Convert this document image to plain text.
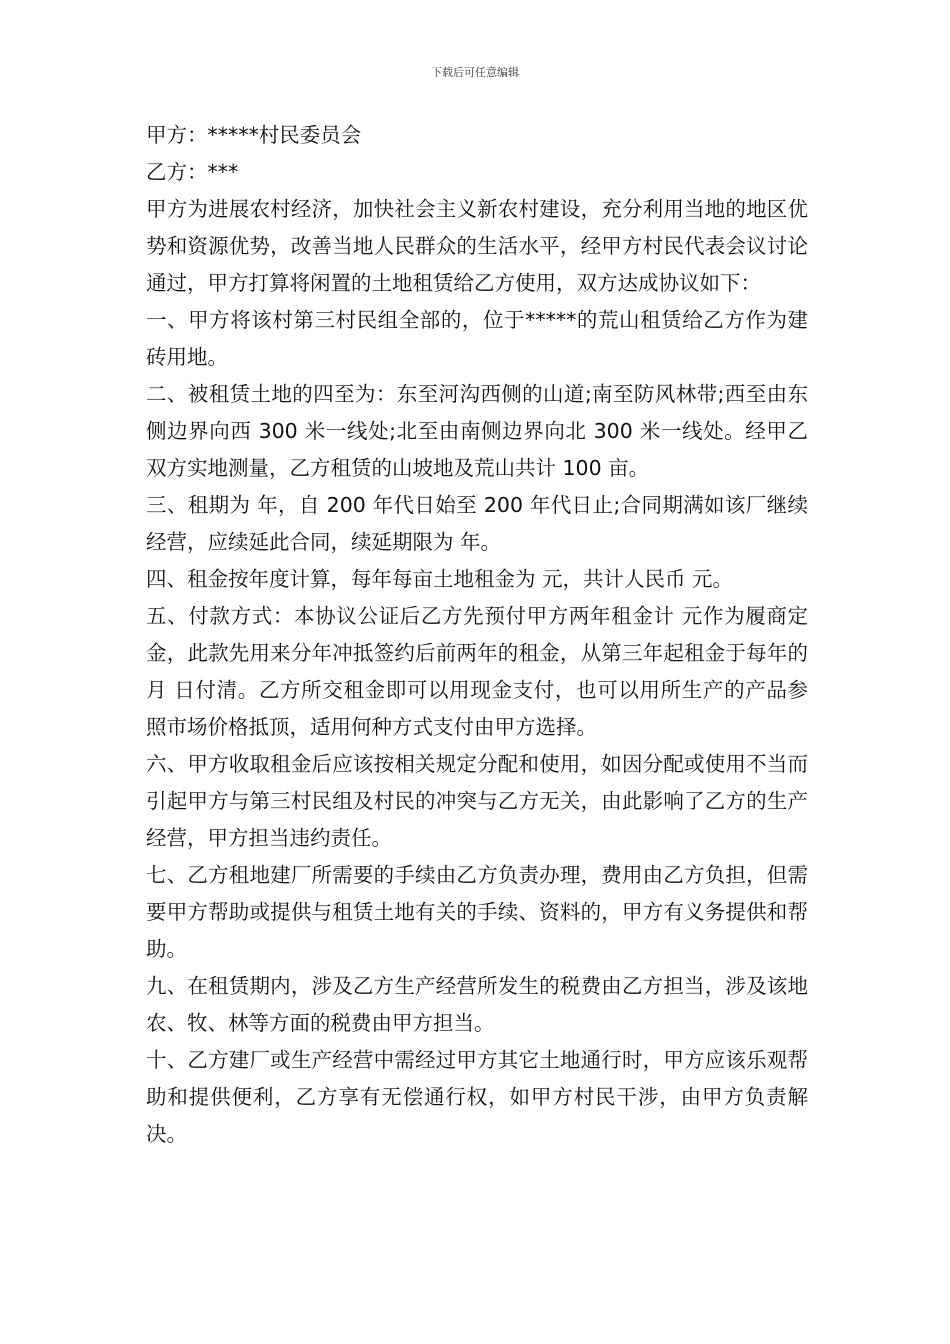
下载后可任意编辑

甲方：*****村民委员会

乙方：***

甲方为进展农村经济，加快社会主义新农村建设，充分利用当地的地区优势和资源优势，改善当地人民群众的生活水平，经甲方村民代表会议讨论通过，甲方打算将闲置的土地租赁给乙方使用，双方达成协议如下：

一、甲方将该村第三村民组全部的，位于*****的荒山租赁给乙方作为建砖用地。

二、被租赁土地的四至为：东至河沟西侧的山道;南至防风林带;西至由东侧边界向西 300 米一线处;北至由南侧边界向北 300 米一线处。经甲乙双方实地测量，乙方租赁的山坡地及荒山共计 100 亩。

三、租期为 年，自 200 年代日始至 200 年代日止;合同期满如该厂继续经营，应续延此合同，续延期限为 年。

四、租金按年度计算，每年每亩土地租金为 元，共计人民币 元。

五、付款方式：本协议公证后乙方先预付甲方两年租金计 元作为履商定金，此款先用来分年冲抵签约后前两年的租金，从第三年起租金于每年的 月 日付清。乙方所交租金即可以用现金支付，也可以用所生产的产品参照市场价格抵顶，适用何种方式支付由甲方选择。

六、甲方收取租金后应该按相关规定分配和使用，如因分配或使用不当而引起甲方与第三村民组及村民的冲突与乙方无关，由此影响了乙方的生产经营，甲方担当违约责任。

七、乙方租地建厂所需要的手续由乙方负责办理，费用由乙方负担，但需要甲方帮助或提供与租赁土地有关的手续、资料的，甲方有义务提供和帮助。

九、在租赁期内，涉及乙方生产经营所发生的税费由乙方担当，涉及该地农、牧、林等方面的税费由甲方担当。

十、乙方建厂或生产经营中需经过甲方其它土地通行时，甲方应该乐观帮助和提供便利，乙方享有无偿通行权，如甲方村民干涉，由甲方负责解决。
